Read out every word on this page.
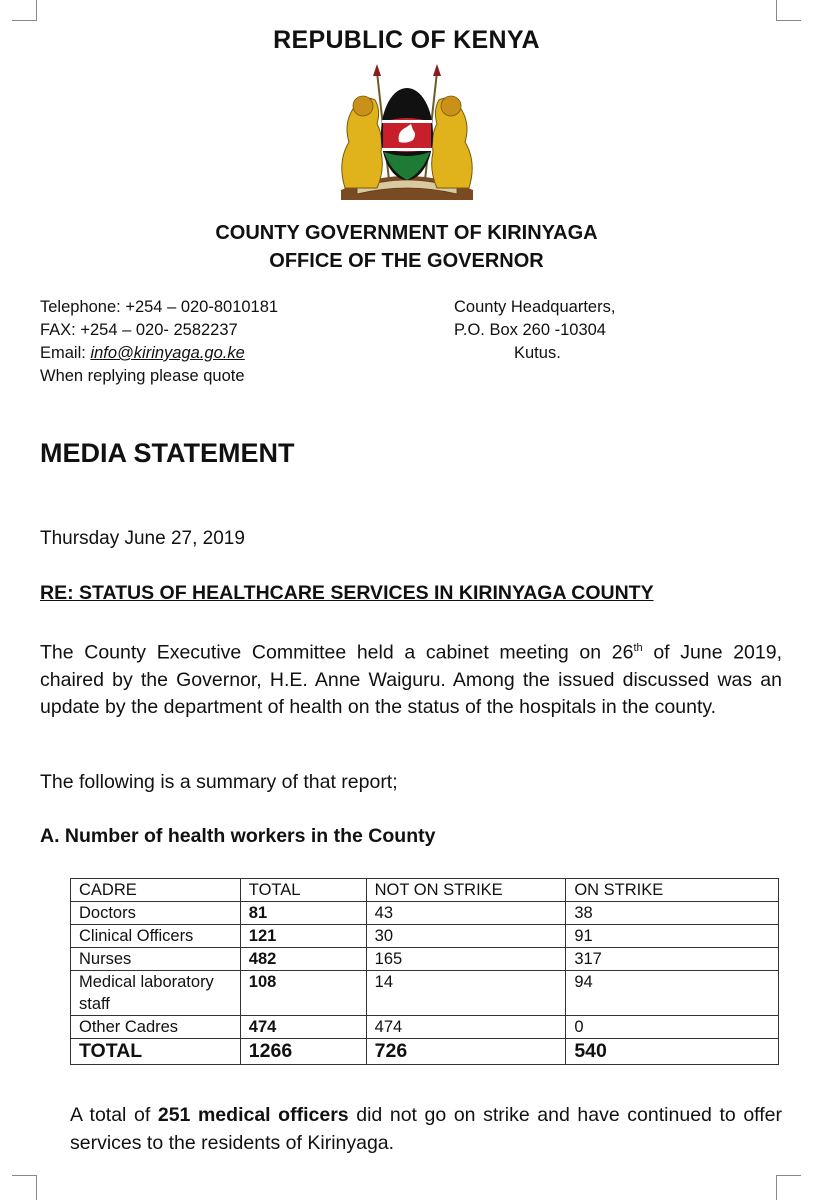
REPUBLIC OF KENYA
COUNTY GOVERNMENT OF KIRINYAGA
OFFICE OF THE GOVERNOR
Telephone: +254 – 020-8010181
FAX: +254 – 020- 2582237
Email: info@kirinyaga.go.ke
When replying please quote
County Headquarters,
P.O. Box 260 -10304
Kutus.
MEDIA STATEMENT
Thursday June 27, 2019
RE: STATUS OF HEALTHCARE SERVICES IN KIRINYAGA COUNTY
The County Executive Committee held a cabinet meeting on 26th of June 2019, chaired by the Governor, H.E. Anne Waiguru. Among the issued discussed was an update by the department of health on the status of the hospitals in the county.
The following is a summary of that report;
A. Number of health workers in the County
CADRE	TOTAL	NOT ON STRIKE	ON STRIKE
Doctors	81	43	38
Clinical Officers	121	30	91
Nurses	482	165	317
Medical laboratory staff	108	14	94
Other Cadres	474	474	0
TOTAL	1266	726	540
A total of 251 medical officers did not go on strike and have continued to offer services to the residents of Kirinyaga.
